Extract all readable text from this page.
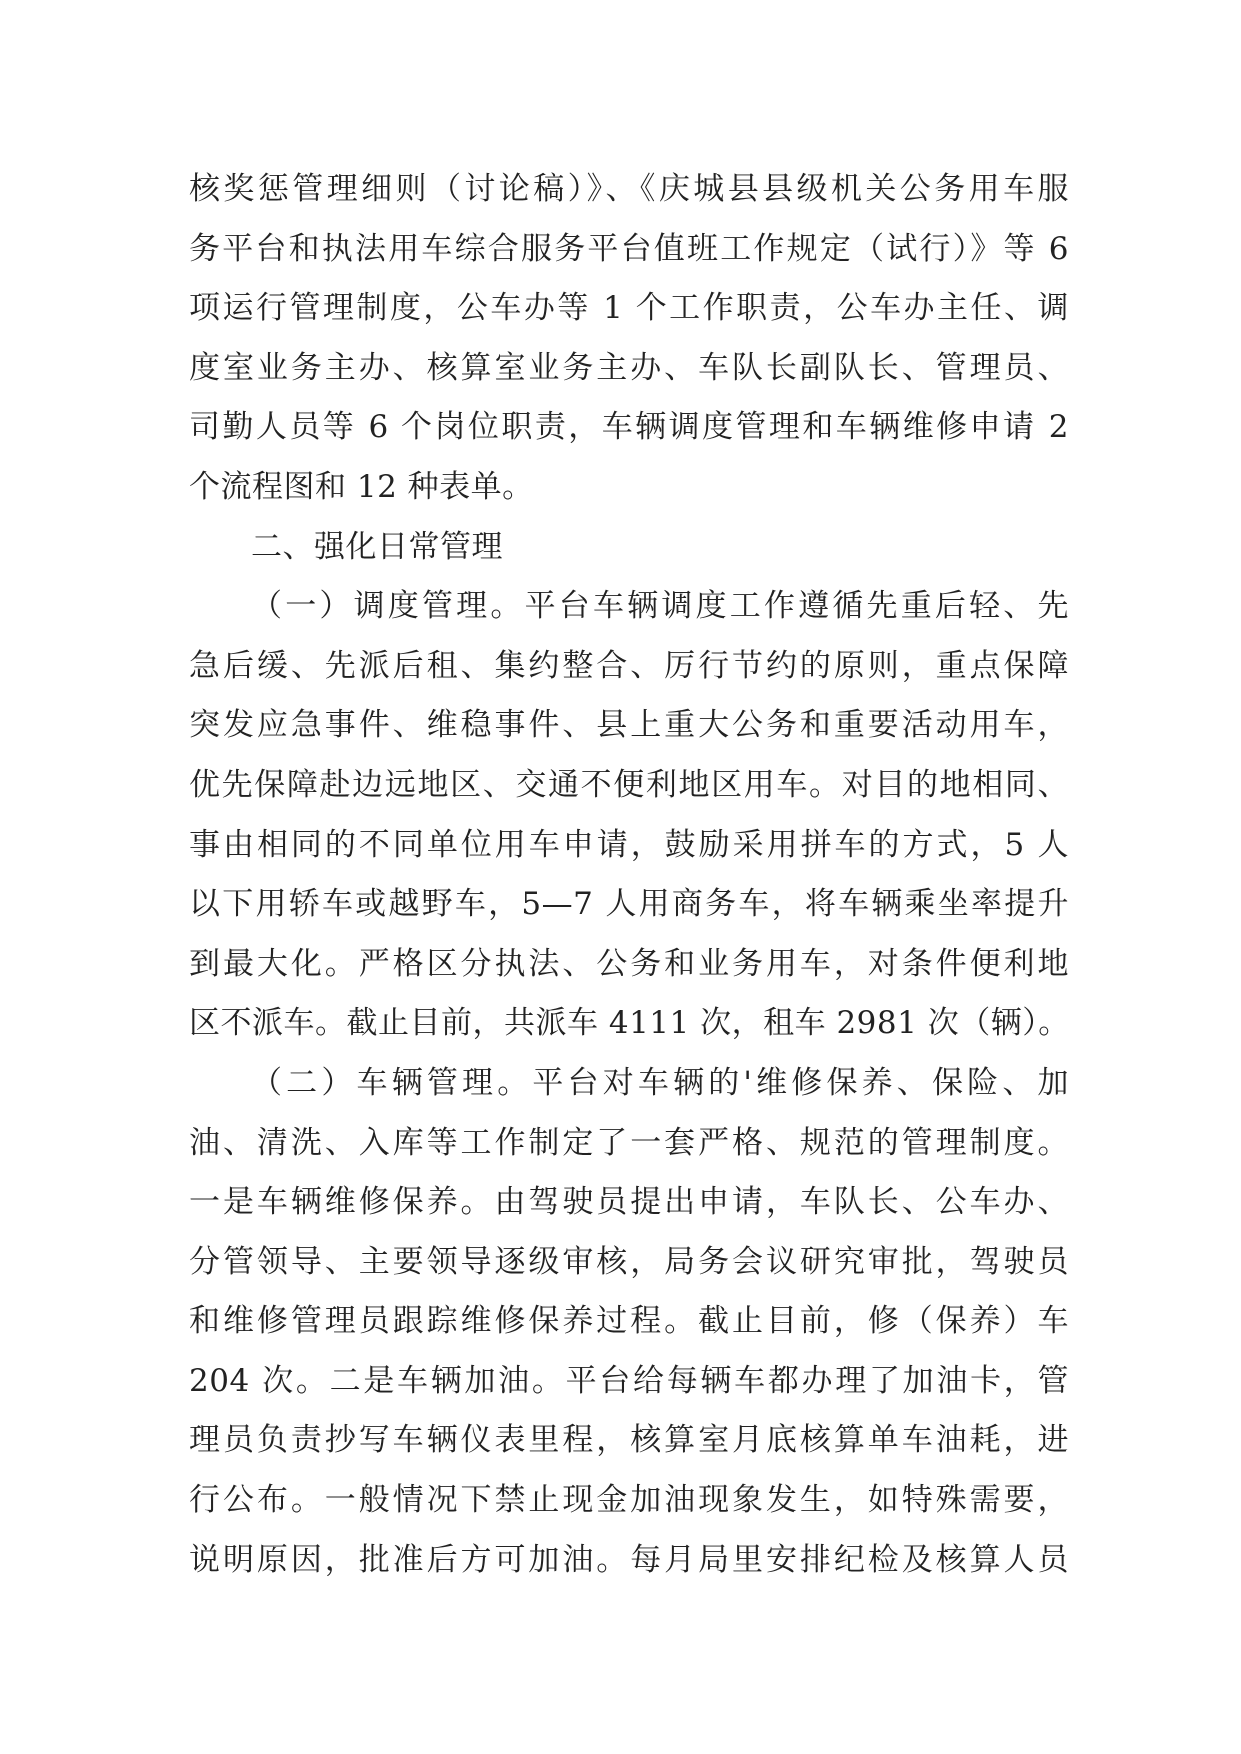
核奖惩管理细则（讨论稿）》、《庆城县县级机关公务用车服
务平台和执法用车综合服务平台值班工作规定（试行）》等 6
项运行管理制度，公车办等 1 个工作职责，公车办主任、调
度室业务主办、核算室业务主办、车队长副队长、管理员、
司勤人员等 6 个岗位职责，车辆调度管理和车辆维修申请 2
个流程图和 12 种表单。
二、强化日常管理
（一）调度管理。平台车辆调度工作遵循先重后轻、先
急后缓、先派后租、集约整合、厉行节约的原则，重点保障
突发应急事件、维稳事件、县上重大公务和重要活动用车，
优先保障赴边远地区、交通不便利地区用车。对目的地相同、
事由相同的不同单位用车申请，鼓励采用拼车的方式，5 人
以下用轿车或越野车，5—7 人用商务车，将车辆乘坐率提升
到最大化。严格区分执法、公务和业务用车，对条件便利地
区不派车。截止目前，共派车 4111 次，租车 2981 次（辆）。
（二）车辆管理。平台对车辆的'维修保养、保险、加
油、清洗、入库等工作制定了一套严格、规范的管理制度。
一是车辆维修保养。由驾驶员提出申请，车队长、公车办、
分管领导、主要领导逐级审核，局务会议研究审批，驾驶员
和维修管理员跟踪维修保养过程。截止目前，修（保养）车
204 次。二是车辆加油。平台给每辆车都办理了加油卡，管
理员负责抄写车辆仪表里程，核算室月底核算单车油耗，进
行公布。一般情况下禁止现金加油现象发生，如特殊需要，
说明原因，批准后方可加油。每月局里安排纪检及核算人员
